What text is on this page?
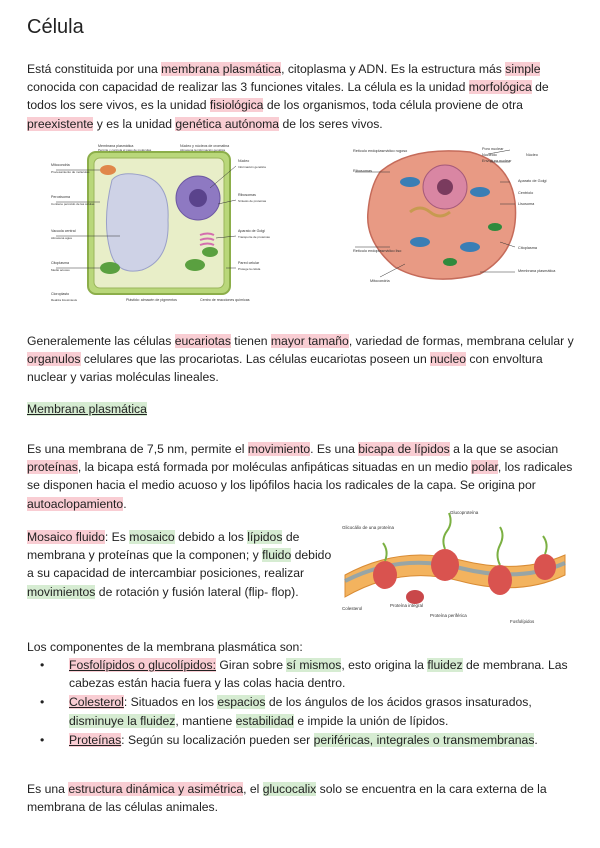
Célula

Está constituida por una membrana plasmática, citoplasma y ADN. Es la estructura más simple conocida con capacidad de realizar las 3 funciones vitales. La célula es la unidad morfológica de todos los sere vivos, es la unidad fisiológica de los organismos, toda célula proviene de otra preexistente y es la unidad genética autónoma de los seres vivos.

Membrana plasmática
Permite y controla el paso de moléculas
Núcleo y núcleos de cromatina
Almacena la información genética
Mitocondria
Procesamiento de moléculas
Peroxisoma
Contiene peróxido de las células
Vacuola central
Almacena agua
Citoplasma
Medio acuoso
Núcleo
Información genética
Ribosomas
Síntesis de proteínas
Aparato de Golgi
Transporte de proteínas
Pared celular
Protege la célula
Cloroplasto
Realiza fotosíntesis	Plástido: almacén de pigmentos	Centro de reacciones químicas
Retículo endoplasmático rugoso	Poro nuclear
Nucléolo
Envoltura nuclear
Núcleo
Aparato de Golgi
Centriolo
Lisosoma
Citoplasma
Membrana plasmática
Ribosomas
Retículo endoplasmático liso
Mitocondria

Generalemente las células eucariotas tienen mayor tamaño, variedad de formas, membrana celular y organulos celulares que las procariotas. Las células eucariotas poseen un nucleo con envoltura nuclear y varias moléculas lineales.

Membrana plasmática

Es una membrana de 7,5 nm, permite el movimiento. Es una bicapa de lípidos a la que se asocian proteínas, la bicapa está formada por moléculas anfipáticas situadas en un medio polar, los radicales se disponen hacia el medio acuoso y los lipófilos hacia los radicales de la capa. Se origina por autoaclopamiento.

Mosaico fluido: Es mosaico debido a los lípidos de membrana y proteínas que la componen; y fluido debido a su capacidad de intercambiar posiciones, realizar movimientos de rotación y fusión lateral (flip- flop).

Glucoproteína
Glicocálix de una proteína
Colesterol
Proteína integral
Proteína periférica
Fosfolípidos

Los componentes de la membrana plasmática son:

• Fosfolípidos o glucolípidos: Giran sobre sí mismos, esto origina la fluidez de membrana. Las cabezas están hacia fuera y las colas hacia dentro.
• Colesterol: Situados en los espacios de los ángulos de los ácidos grasos insaturados, disminuye la fluidez, mantiene estabilidad e impide la unión de lípidos.
• Proteínas: Según su localización pueden ser periféricas, integrales o transmembranas.

Es una estructura dinámica y asimétrica, el glucocalix solo se encuentra en la cara externa de la membrana de las células animales.
